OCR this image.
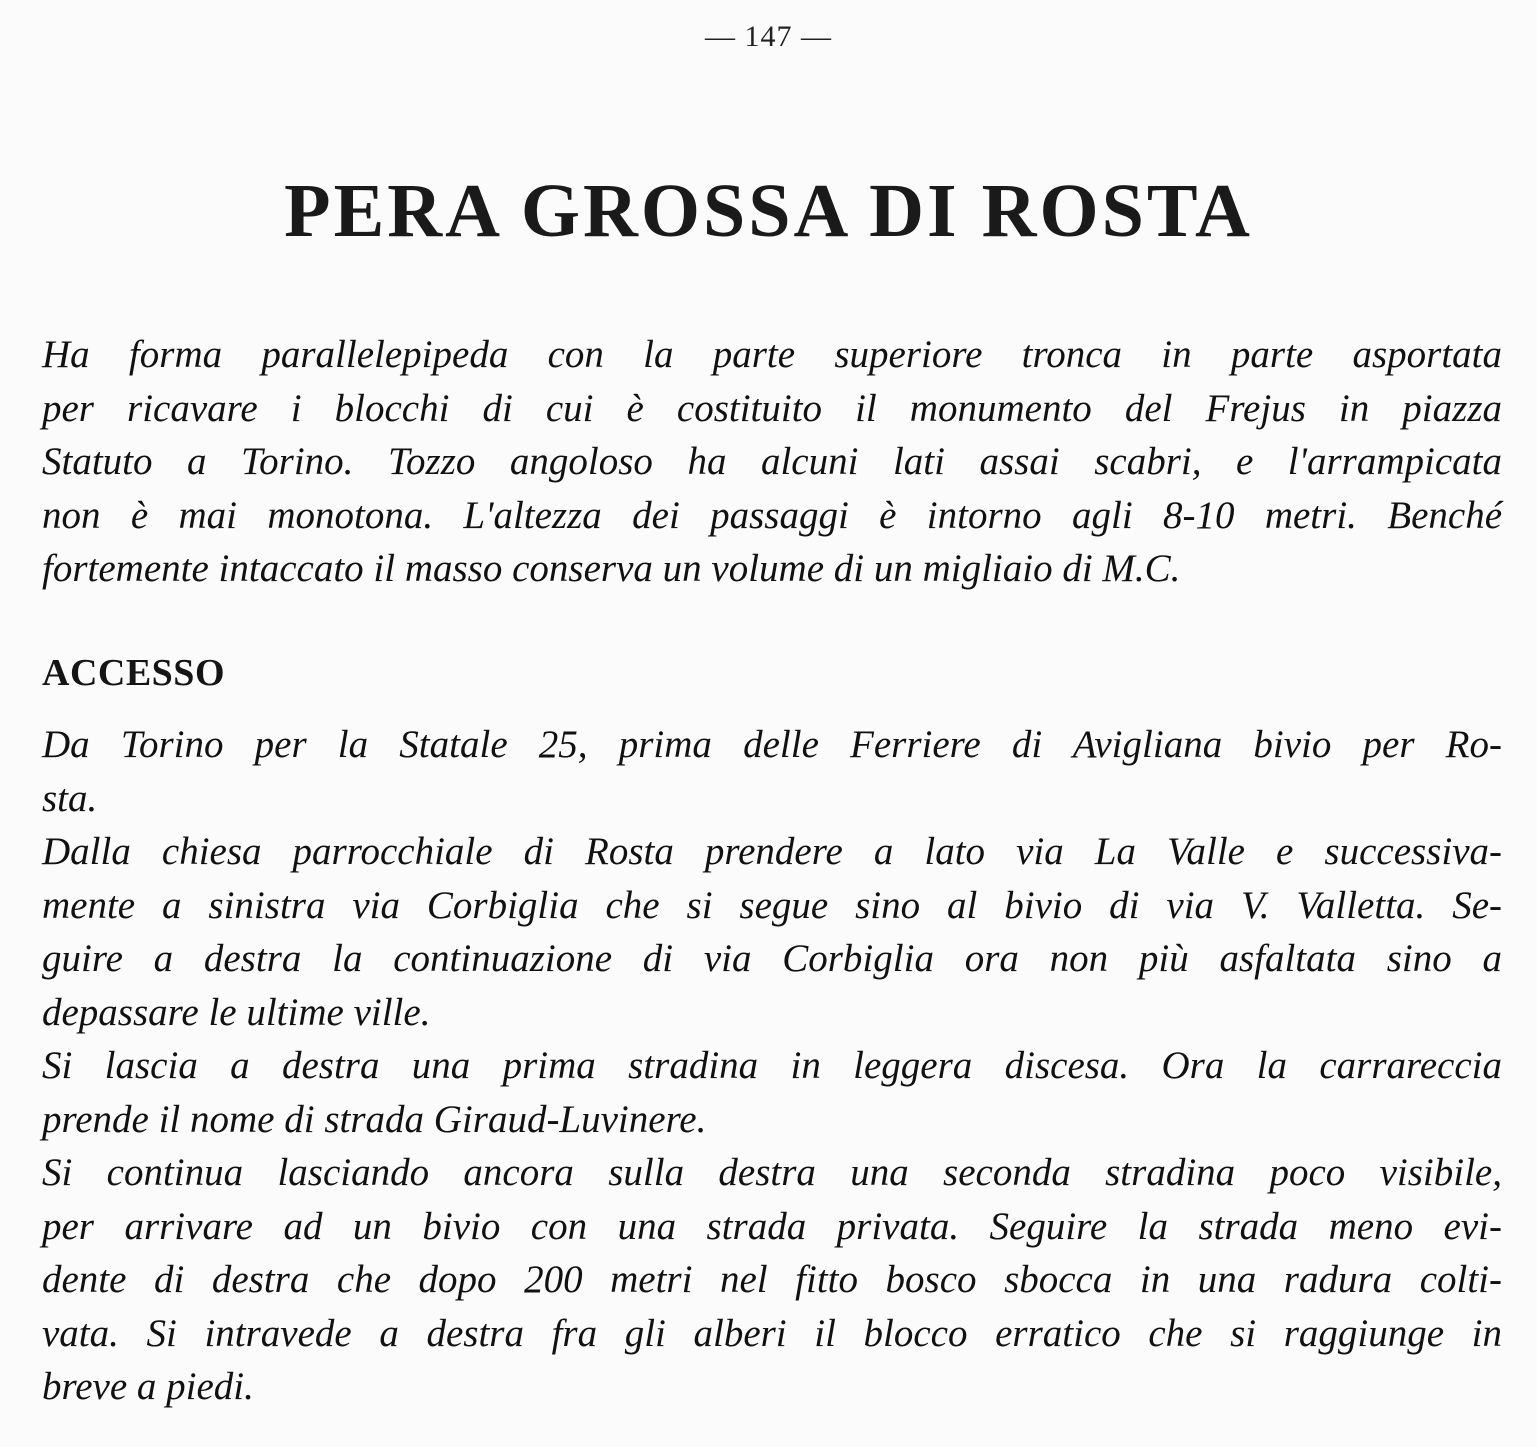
— 147 —
PERA GROSSA DI ROSTA
Ha forma parallelepipeda con la parte superiore tronca in parte asportata
per ricavare i blocchi di cui è costituito il monumento del Frejus in piazza
Statuto a Torino. Tozzo angoloso ha alcuni lati assai scabri, e l'arrampicata
non è mai monotona. L'altezza dei passaggi è intorno agli 8-10 metri. Benché
fortemente intaccato il masso conserva un volume di un migliaio di M.C.
ACCESSO
Da Torino per la Statale 25, prima delle Ferriere di Avigliana bivio per Ro-
sta.
Dalla chiesa parrocchiale di Rosta prendere a lato via La Valle e successiva-
mente a sinistra via Corbiglia che si segue sino al bivio di via V. Valletta. Se-
guire a destra la continuazione di via Corbiglia ora non più asfaltata sino a
depassare le ultime ville.
Si lascia a destra una prima stradina in leggera discesa. Ora la carrareccia
prende il nome di strada Giraud-Luvinere.
Si continua lasciando ancora sulla destra una seconda stradina poco visibile,
per arrivare ad un bivio con una strada privata. Seguire la strada meno evi-
dente di destra che dopo 200 metri nel fitto bosco sbocca in una radura colti-
vata. Si intravede a destra fra gli alberi il blocco erratico che si raggiunge in
breve a piedi.
